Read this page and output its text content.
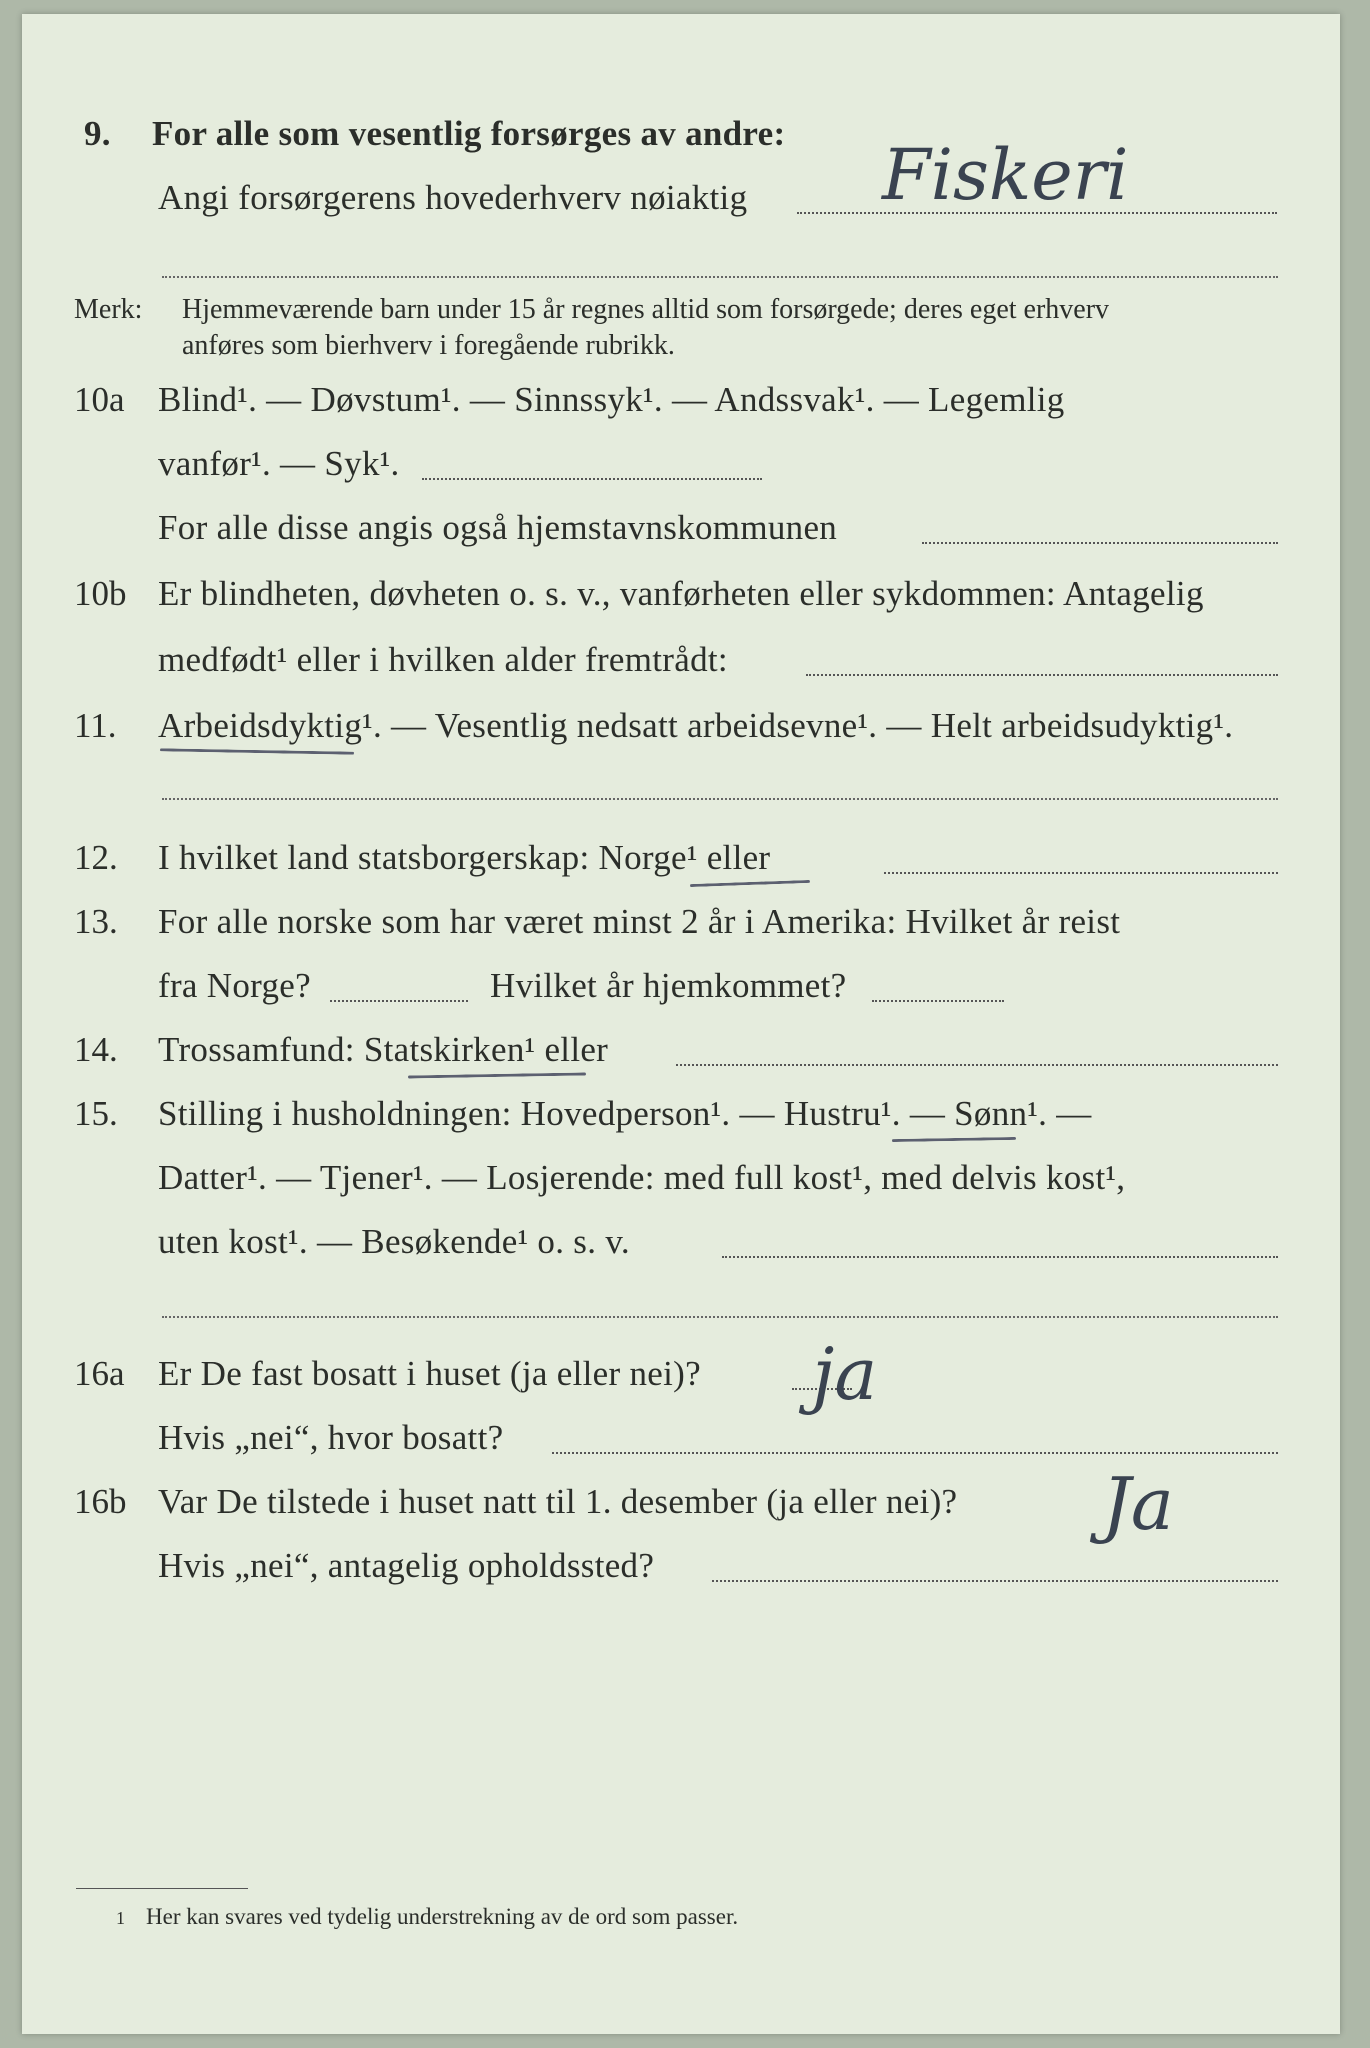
9. For alle som vesentlig forsørges av andre:
Angi forsørgerens hovederhverv nøiaktig Fiskeri
Merk: Hjemmeværende barn under 15 år regnes alltid som forsørgede; deres eget erhverv
anføres som bierhverv i foregående rubrikk.
10a Blind¹. — Døvstum¹. — Sinnssyk¹. — Andssvak¹. — Legemlig
vanfør¹. — Syk¹.
For alle disse angis også hjemstavnskommunen
10b Er blindheten, døvheten o. s. v., vanførheten eller sykdommen: Antagelig
medfødt¹ eller i hvilken alder fremtrådt:
11. Arbeidsdyktig¹. — Vesentlig nedsatt arbeidsevne¹. — Helt arbeidsudyktig¹.
12. I hvilket land statsborgerskap: Norge¹ eller
13. For alle norske som har været minst 2 år i Amerika: Hvilket år reist
fra Norge?	Hvilket år hjemkommet?
14. Trossamfund: Statskirken¹ eller
15. Stilling i husholdningen: Hovedperson¹. — Hustru¹. — Sønn¹. —
Datter¹. — Tjener¹. — Losjerende: med full kost¹, med delvis kost¹,
uten kost¹. — Besøkende¹ o. s. v.
16a Er De fast bosatt i huset (ja eller nei)? ja
Hvis „nei“, hvor bosatt?
16b Var De tilstede i huset natt til 1. desember (ja eller nei)? Ja
Hvis „nei“, antagelig opholdssted?
1 Her kan svares ved tydelig understrekning av de ord som passer.
